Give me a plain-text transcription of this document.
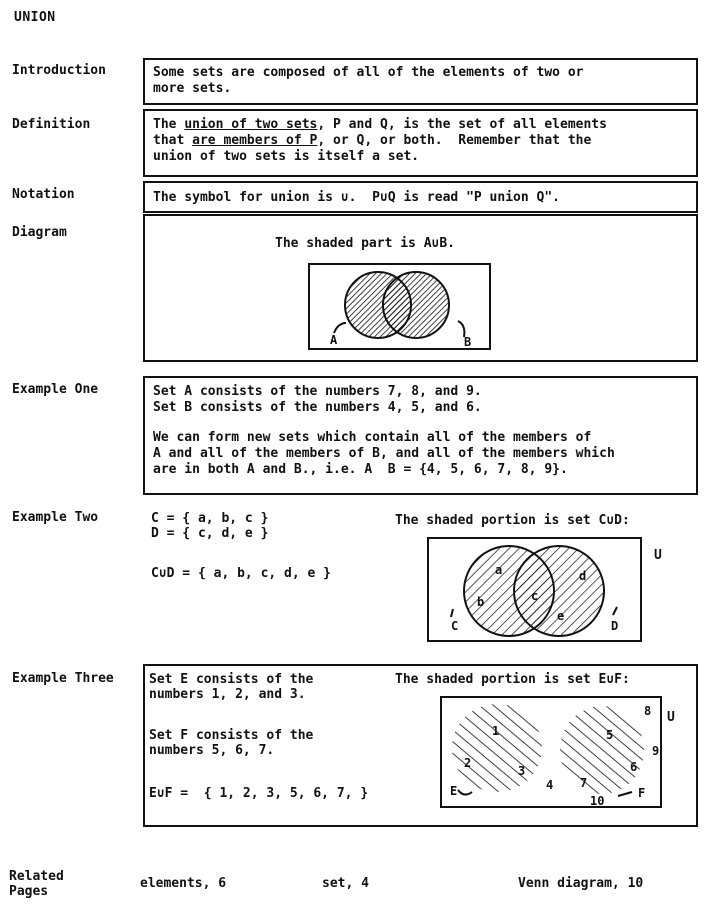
UNION
Introduction
Definition
Notation
Diagram
Example One
Example Two
Example Three
Some sets are composed of all of the elements of two or
more sets.
The union of two sets, P and Q, is the set of all elements
that are members of P, or Q, or both.  Remember that the
union of two sets is itself a set.
The symbol for union is ∪.  P∪Q is read "P union Q".
The shaded part is A∪B.
A	B
Set A consists of the numbers 7, 8, and 9.
Set B consists of the numbers 4, 5, and 6.
We can form new sets which contain all of the members of
A and all of the members of B, and all of the members which
are in both A and B., i.e. A  B = {4, 5, 6, 7, 8, 9}.
C = { a, b, c }
D = { c, d, e }
C∪D = { a, b, c, d, e }
The shaded portion is set C∪D:
a
b	c
d
e
C	D
U
Set E consists of the
numbers 1, 2, and 3.
Set F consists of the
numbers 5, 6, 7.
E∪F =  { 1, 2, 3, 5, 6, 7, }
The shaded portion is set E∪F:
1
2
3
4
5
6
7
8
9
10
E	F
U
Related
Pages
elements, 6	set, 4	Venn diagram, 10
